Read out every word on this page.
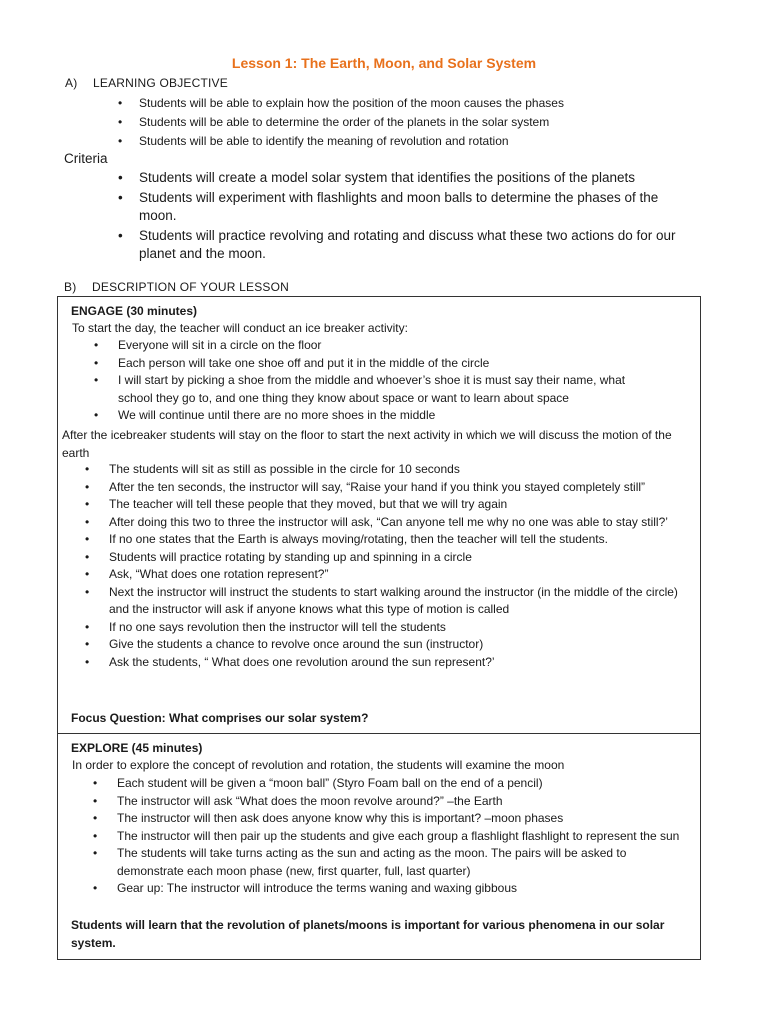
Lesson 1: The Earth, Moon, and Solar System
A) LEARNING OBJECTIVE
• Students will be able to explain how the position of the moon causes the phases
• Students will be able to determine the order of the planets in the solar system
• Students will be able to identify the meaning of revolution and rotation
Criteria
• Students will create a model solar system that identifies the positions of the planets
• Students will experiment with flashlights and moon balls to determine the phases of the moon.
• Students will practice revolving and rotating and discuss what these two actions do for our planet and the moon.
B) DESCRIPTION OF YOUR LESSON
ENGAGE (30 minutes)
To start the day, the teacher will conduct an ice breaker activity:
• Everyone will sit in a circle on the floor
• Each person will take one shoe off and put it in the middle of the circle
• I will start by picking a shoe from the middle and whoever’s shoe it is must say their name, what school they go to, and one thing they know about space or want to learn about space
• We will continue until there are no more shoes in the middle
After the icebreaker students will stay on the floor to start the next activity in which we will discuss the motion of the earth
• The students will sit as still as possible in the circle for 10 seconds
• After the ten seconds, the instructor will say, “Raise your hand if you think you stayed completely still”
• The teacher will tell these people that they moved, but that we will try again
• After doing this two to three the instructor will ask, “Can anyone tell me why no one was able to stay still?’
• If no one states that the Earth is always moving/rotating, then the teacher will tell the students.
• Students will practice rotating by standing up and spinning in a circle
• Ask, “What does one rotation represent?”
• Next the instructor will instruct the students to start walking around the instructor (in the middle of the circle) and the instructor will ask if anyone knows what this type of motion is called
• If no one says revolution then the instructor will tell the students
• Give the students a chance to revolve once around the sun (instructor)
• Ask the students, “ What does one revolution around the sun represent?’
Focus Question: What comprises our solar system?
EXPLORE (45 minutes)
In order to explore the concept of revolution and rotation, the students will examine the moon
• Each student will be given a “moon ball” (Styro Foam ball on the end of a pencil)
• The instructor will ask “What does the moon revolve around?” –the Earth
• The instructor will then ask does anyone know why this is important? –moon phases
• The instructor will then pair up the students and give each group a flashlight flashlight to represent the sun
• The students will take turns acting as the sun and acting as the moon. The pairs will be asked to demonstrate each moon phase (new, first quarter, full, last quarter)
• Gear up: The instructor will introduce the terms waning and waxing gibbous
Students will learn that the revolution of planets/moons is important for various phenomena in our solar system.
